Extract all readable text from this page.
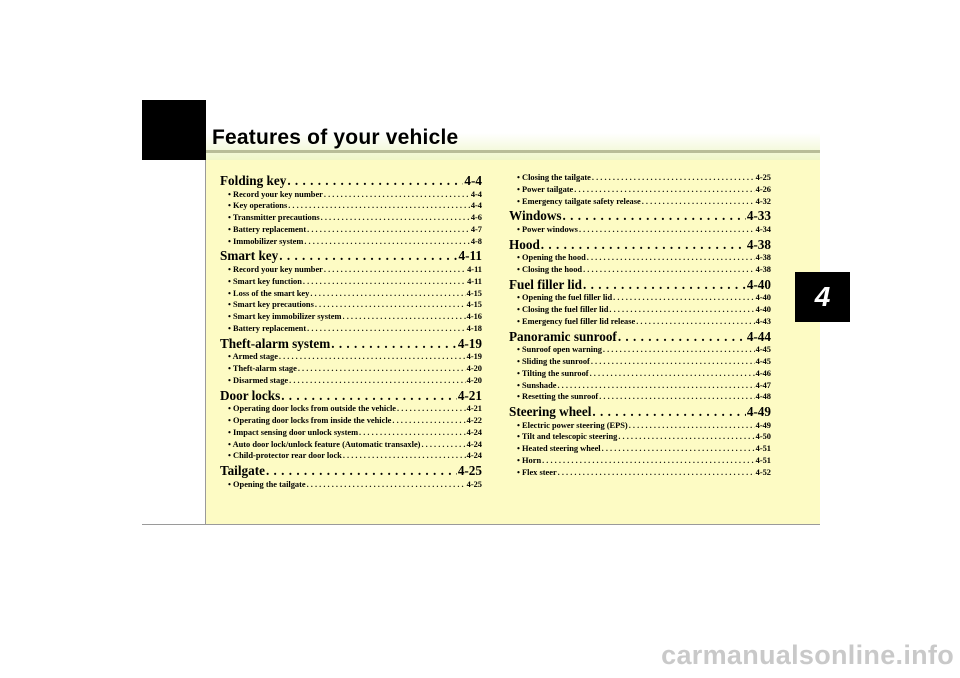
Features of your vehicle
Folding key . . .	4-4
• Record your key number . . .	4-4
• Key operations . . .	4-4
• Transmitter precautions . . .	4-6
• Battery replacement . . .	4-7
• Immobilizer system . . .	4-8
Smart key . . .	4-11
• Record your key number . . .	4-11
• Smart key function . . .	4-11
• Loss of the smart key . . .	4-15
• Smart key precautions . . .	4-15
• Smart key immobilizer system . . .	4-16
• Battery replacement . . .	4-18
Theft-alarm system . . .	4-19
• Armed stage . . .	4-19
• Theft-alarm stage . . .	4-20
• Disarmed stage . . .	4-20
Door locks . . .	4-21
• Operating door locks from outside the vehicle . . .	4-21
• Operating door locks from inside the vehicle . . .	4-22
• Impact sensing door unlock system . . .	4-24
• Auto door lock/unlock feature (Automatic transaxle) . . .	4-24
• Child-protector rear door lock . . .	4-24
Tailgate . . .	4-25
• Opening the tailgate . . .	4-25
• Closing the tailgate . . .	4-25
• Power tailgate . . .	4-26
• Emergency tailgate safety release . . .	4-32
Windows . . .	4-33
• Power windows . . .	4-34
Hood . . .	4-38
• Opening the hood . . .	4-38
• Closing the hood . . .	4-38
Fuel filler lid . . .	4-40
• Opening the fuel filler lid . . .	4-40
• Closing the fuel filler lid . . .	4-40
• Emergency fuel filler lid release . . .	4-43
Panoramic sunroof . . .	4-44
• Sunroof open warning . . .	4-45
• Sliding the sunroof . . .	4-45
• Tilting the sunroof . . .	4-46
• Sunshade . . .	4-47
• Resetting the sunroof . . .	4-48
Steering wheel . . .	4-49
• Electric power steering (EPS) . . .	4-49
• Tilt and telescopic steering . . .	4-50
• Heated steering wheel . . .	4-51
• Horn . . .	4-51
• Flex steer . . .	4-52
4
carmanualsonline.info
